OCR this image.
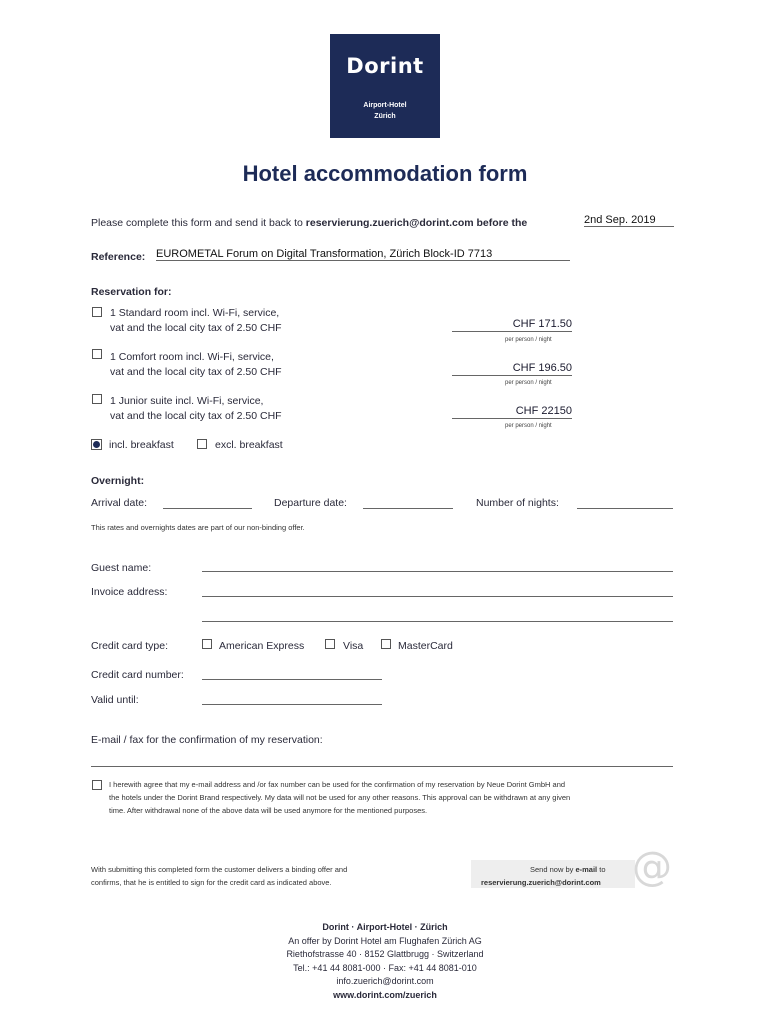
Dorint
Airport-Hotel
Zürich
Hotel accommodation form
Please complete this form and send it back to reservierung.zuerich@dorint.com before the	2nd Sep. 2019
Reference: EUROMETAL Forum on Digital Transformation, Zürich Block-ID 7713
Reservation for:
1 Standard room incl. Wi-Fi, service,
vat and the local city tax of 2.50 CHF	CHF 171.50
per person / night
1 Comfort room incl. Wi-Fi, service,
vat and the local city tax of 2.50 CHF	CHF 196.50
per person / night
1 Junior suite incl. Wi-Fi, service,
vat and the local city tax of 2.50 CHF	CHF 22150
per person / night
incl. breakfast	excl. breakfast
Overnight:
Arrival date:	Departure date:	Number of nights:
This rates and overnights dates are part of our non-binding offer.
Guest name:
Invoice address:
Credit card type:	American Express	Visa	MasterCard
Credit card number:
Valid until:
E-mail / fax for the confirmation of my reservation:
I herewith agree that my e-mail address and /or fax number can be used for the confirmation of my reservation by Neue Dorint GmbH and
the hotels under the Dorint Brand respectively. My data will not be used for any other reasons. This approval can be withdrawn at any given
time. After withdrawal none of the above data will be used anymore for the mentioned purposes.
With submitting this completed form the customer delivers a binding offer and
confirms, that he is entitled to sign for the credit card as indicated above.	@
Send now by e-mail to
reservierung.zuerich@dorint.com
Dorint · Airport-Hotel · Zürich
An offer by Dorint Hotel am Flughafen Zürich AG
Riethofstrasse 40 · 8152 Glattbrugg · Switzerland
Tel.: +41 44 8081-000 · Fax: +41 44 8081-010
info.zuerich@dorint.com
www.dorint.com/zuerich
